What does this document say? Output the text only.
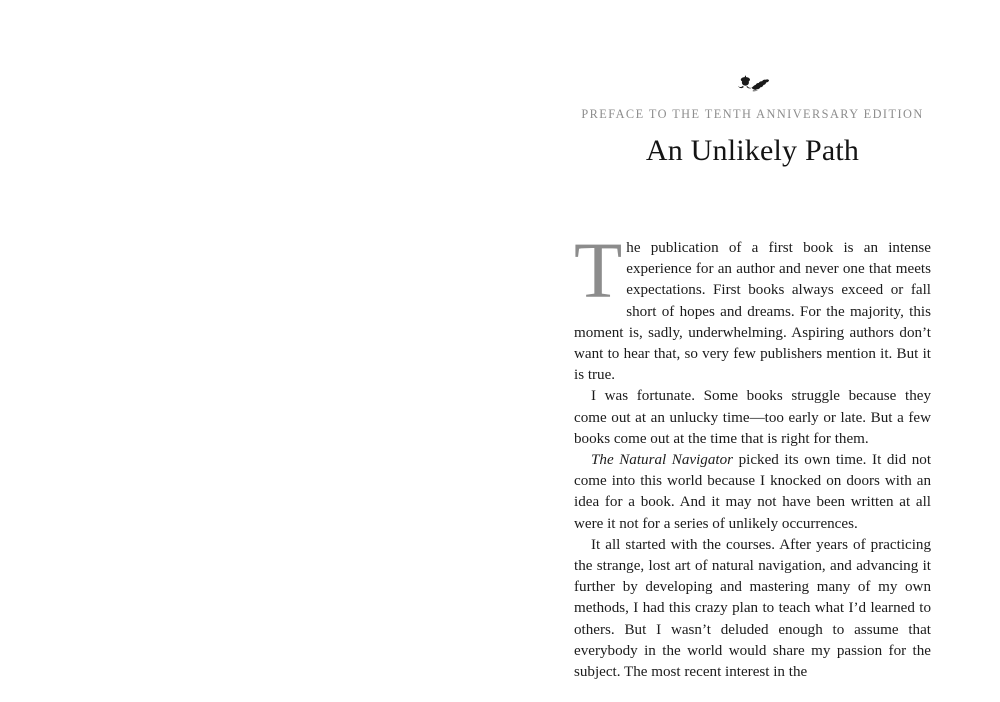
PREFACE TO THE TENTH ANNIVERSARY EDITION
An Unlikely Path

The publication of a first book is an intense experience for an author and never one that meets expectations. First books always exceed or fall short of hopes and dreams. For the majority, this moment is, sadly, underwhelming. Aspiring authors don’t want to hear that, so very few publishers mention it. But it is true.

I was fortunate. Some books struggle because they come out at an unlucky time—too early or late. But a few books come out at the time that is right for them.

The Natural Navigator picked its own time. It did not come into this world because I knocked on doors with an idea for a book. And it may not have been written at all were it not for a series of unlikely occurrences.

It all started with the courses. After years of practicing the strange, lost art of natural navigation, and advancing it further by developing and mastering many of my own methods, I had this crazy plan to teach what I’d learned to others. But I wasn’t deluded enough to assume that everybody in the world would share my passion for the subject. The most recent interest in the
